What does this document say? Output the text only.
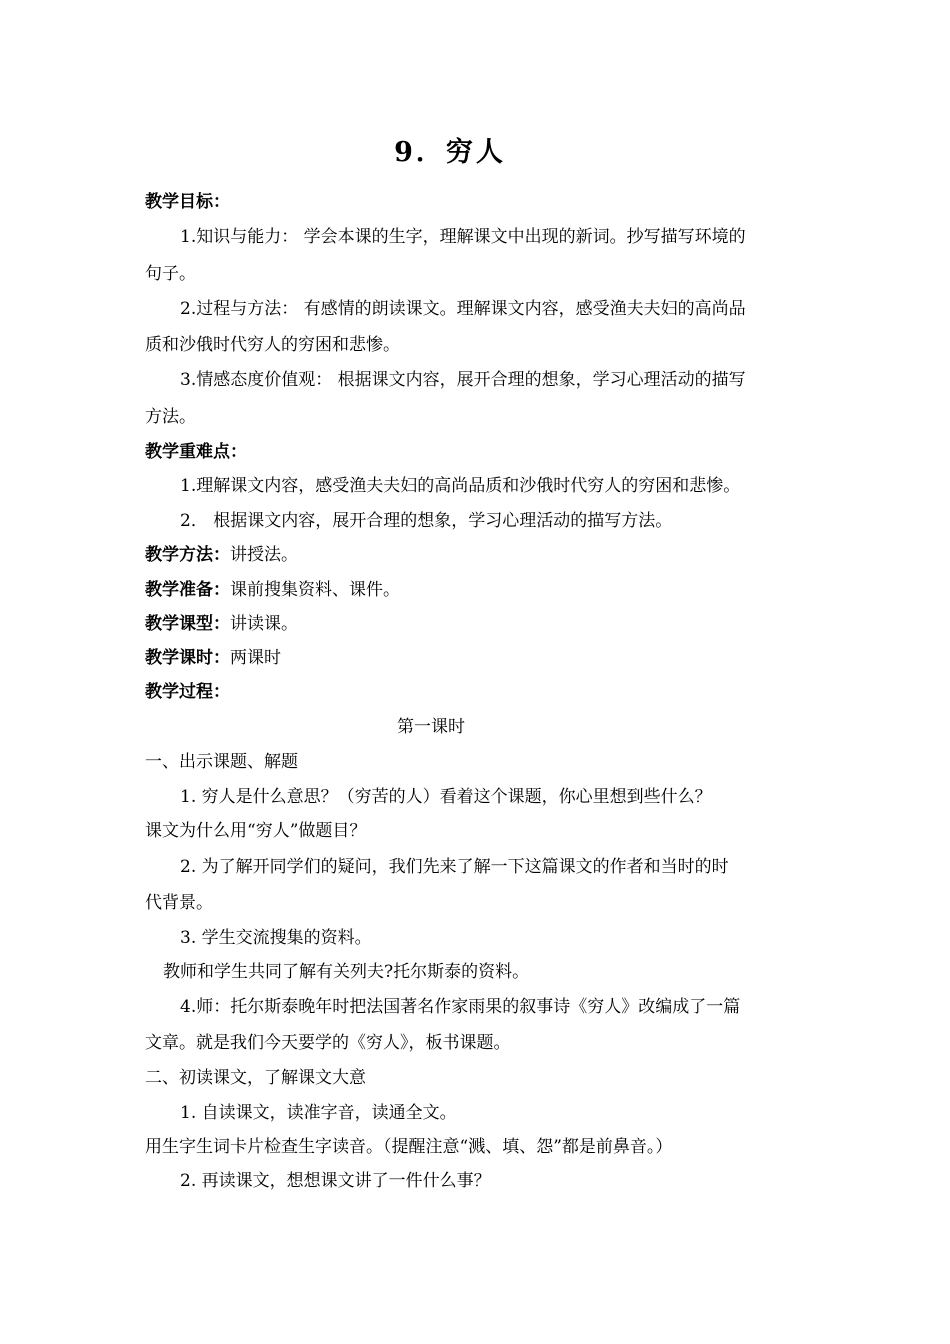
9．穷人
教学目标：
1.知识与能力： 学会本课的生字，理解课文中出现的新词。抄写描写环境的
句子。
2.过程与方法： 有感情的朗读课文。理解课文内容，感受渔夫夫妇的高尚品
质和沙俄时代穷人的穷困和悲惨。
3.情感态度价值观： 根据课文内容，展开合理的想象，学习心理活动的描写
方法。
教学重难点：
1.理解课文内容，感受渔夫夫妇的高尚品质和沙俄时代穷人的穷困和悲惨。
2． 根据课文内容，展开合理的想象，学习心理活动的描写方法。
教学方法：讲授法。
教学准备：课前搜集资料、课件。
教学课型：讲读课。
教学课时：两课时
教学过程：
第一课时
一、出示课题、解题
1. 穷人是什么意思？（穷苦的人）看着这个课题，你心里想到些什么？
课文为什么用“穷人”做题目？
2. 为了解开同学们的疑问，我们先来了解一下这篇课文的作者和当时的时
代背景。
3. 学生交流搜集的资料。
教师和学生共同了解有关列夫?托尔斯泰的资料。
4.师：托尔斯泰晚年时把法国著名作家雨果的叙事诗《穷人》改编成了一篇
文章。就是我们今天要学的《穷人》，板书课题。
二、初读课文，了解课文大意
1. 自读课文，读准字音，读通全文。
用生字生词卡片检查生字读音。（提醒注意“溅、填、怨”都是前鼻音。）
2. 再读课文，想想课文讲了一件什么事？
